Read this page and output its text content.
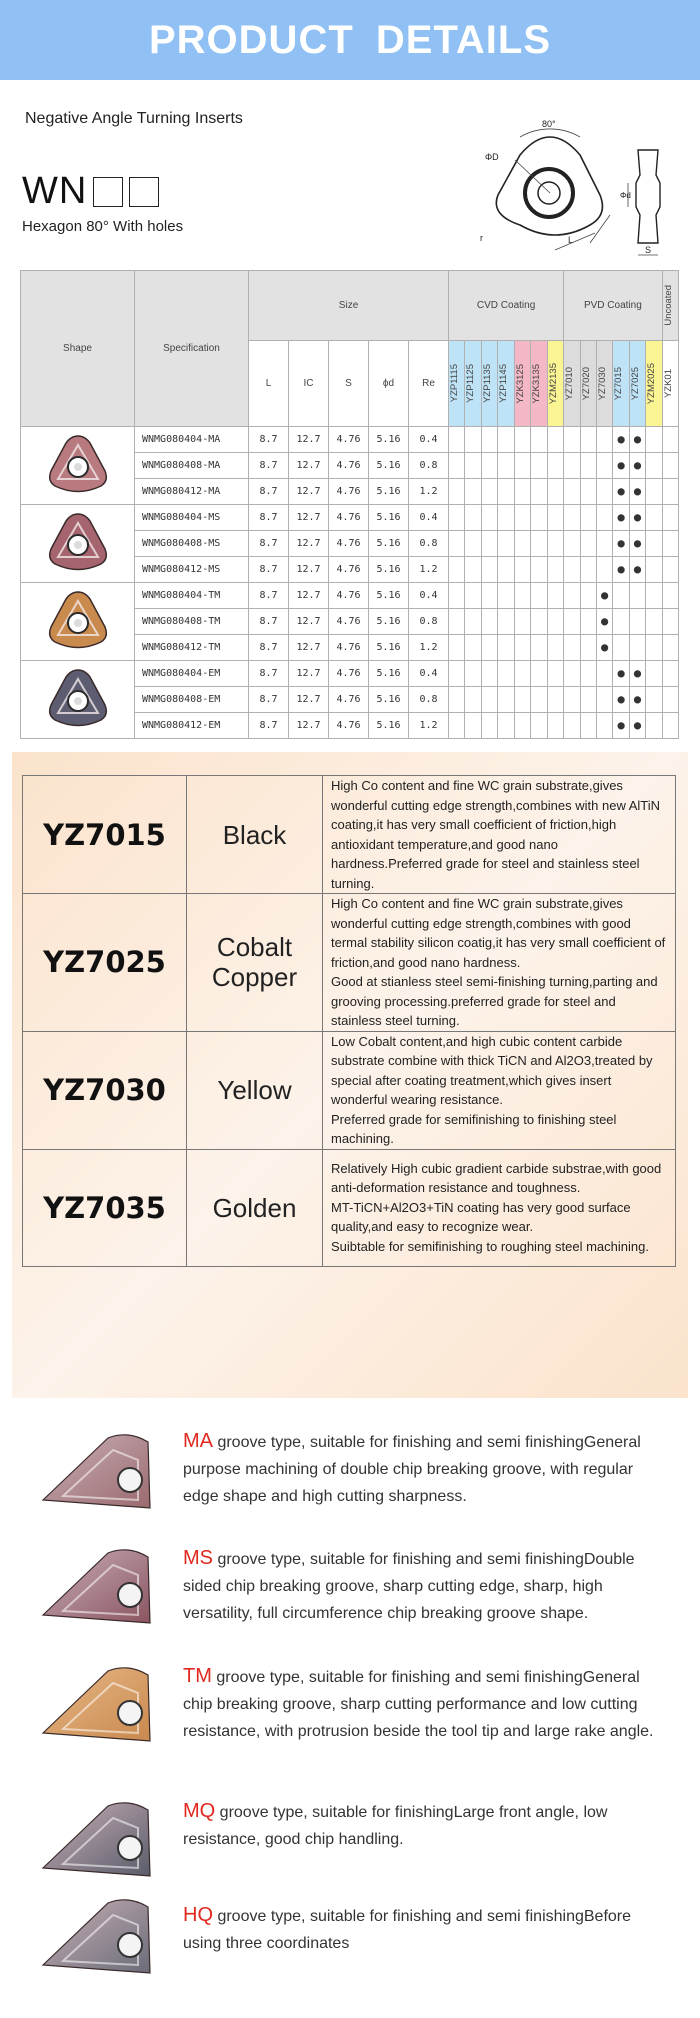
PRODUCT DETAILS
Negative Angle Turning Inserts
WN
Hexagon 80° With holes
80°
ΦD
r	L
Φd
S
Shape	Specification	Size					CVD Coating							PVD Coating						Uncoated

		L	IC	S	ϕd	Re	YZP1115	YZP1125	YZP1135	YZP1145	YZK3125	YZK3135	YZM2135	YZ7010	YZ7020	YZ7030	YZ7015	YZ7025	YZM2025	YZK01

	WNMG080404-MA	8.7	12.7	4.76	5.16	0.4											●	●		
	WNMG080408-MA	8.7	12.7	4.76	5.16	0.8											●	●		
	WNMG080412-MA	8.7	12.7	4.76	5.16	1.2											●	●		
	WNMG080404-MS	8.7	12.7	4.76	5.16	0.4											●	●		
	WNMG080408-MS	8.7	12.7	4.76	5.16	0.8											●	●		
	WNMG080412-MS	8.7	12.7	4.76	5.16	1.2											●	●		
	WNMG080404-TM	8.7	12.7	4.76	5.16	0.4										●				
	WNMG080408-TM	8.7	12.7	4.76	5.16	0.8										●				
	WNMG080412-TM	8.7	12.7	4.76	5.16	1.2										●				
	WNMG080404-EM	8.7	12.7	4.76	5.16	0.4											●	●		
	WNMG080408-EM	8.7	12.7	4.76	5.16	0.8											●	●		
	WNMG080412-EM	8.7	12.7	4.76	5.16	1.2											●	●		
YZ7015	Black	High Co content and fine WC grain substrate,gives wonderful cutting edge strength,combines with new AlTiN coating,it has very small coefficient of friction,high antioxidant temperature,and good nano hardness.Preferred grade for steel and stainless steel turning.

YZ7025	Cobalt Copper	High Co content and fine WC grain substrate,gives wonderful cutting edge strength,combines with good termal stability silicon coatig,it has very small coefficient of friction,and good nano hardness.

Good at stianless steel semi-finishing turning,parting and grooving processing.preferred grade for steel and stainless steel turning.

YZ7030	Yellow	Low Cobalt content,and high cubic content carbide substrate combine with thick TiCN and Al2O3,treated by special after coating treatment,which gives insert wonderful wearing resistance.

Preferred grade for semifinishing to finishing steel machining.

YZ7035	Golden	Relatively High cubic gradient carbide substrae,with good anti-deformation resistance and toughness.

MT-TiCN+Al2O3+TiN coating has very good surface quality,and easy to recognize wear.

Suibtable for semifinishing to roughing steel machining.

MA groove type, suitable for finishing and semi finishingGeneral purpose machining of double chip breaking groove, with regular edge shape and high cutting sharpness.
MS groove type, suitable for finishing and semi finishingDouble sided chip breaking groove, sharp cutting edge, sharp, high versatility, full circumference chip breaking groove shape.
TM groove type, suitable for finishing and semi finishingGeneral chip breaking groove, sharp cutting performance and low cutting resistance, with protrusion beside the tool tip and large rake angle.
MQ groove type, suitable for finishingLarge front angle, low resistance, good chip handling.
HQ groove type, suitable for finishing and semi finishingBefore using three coordinates
